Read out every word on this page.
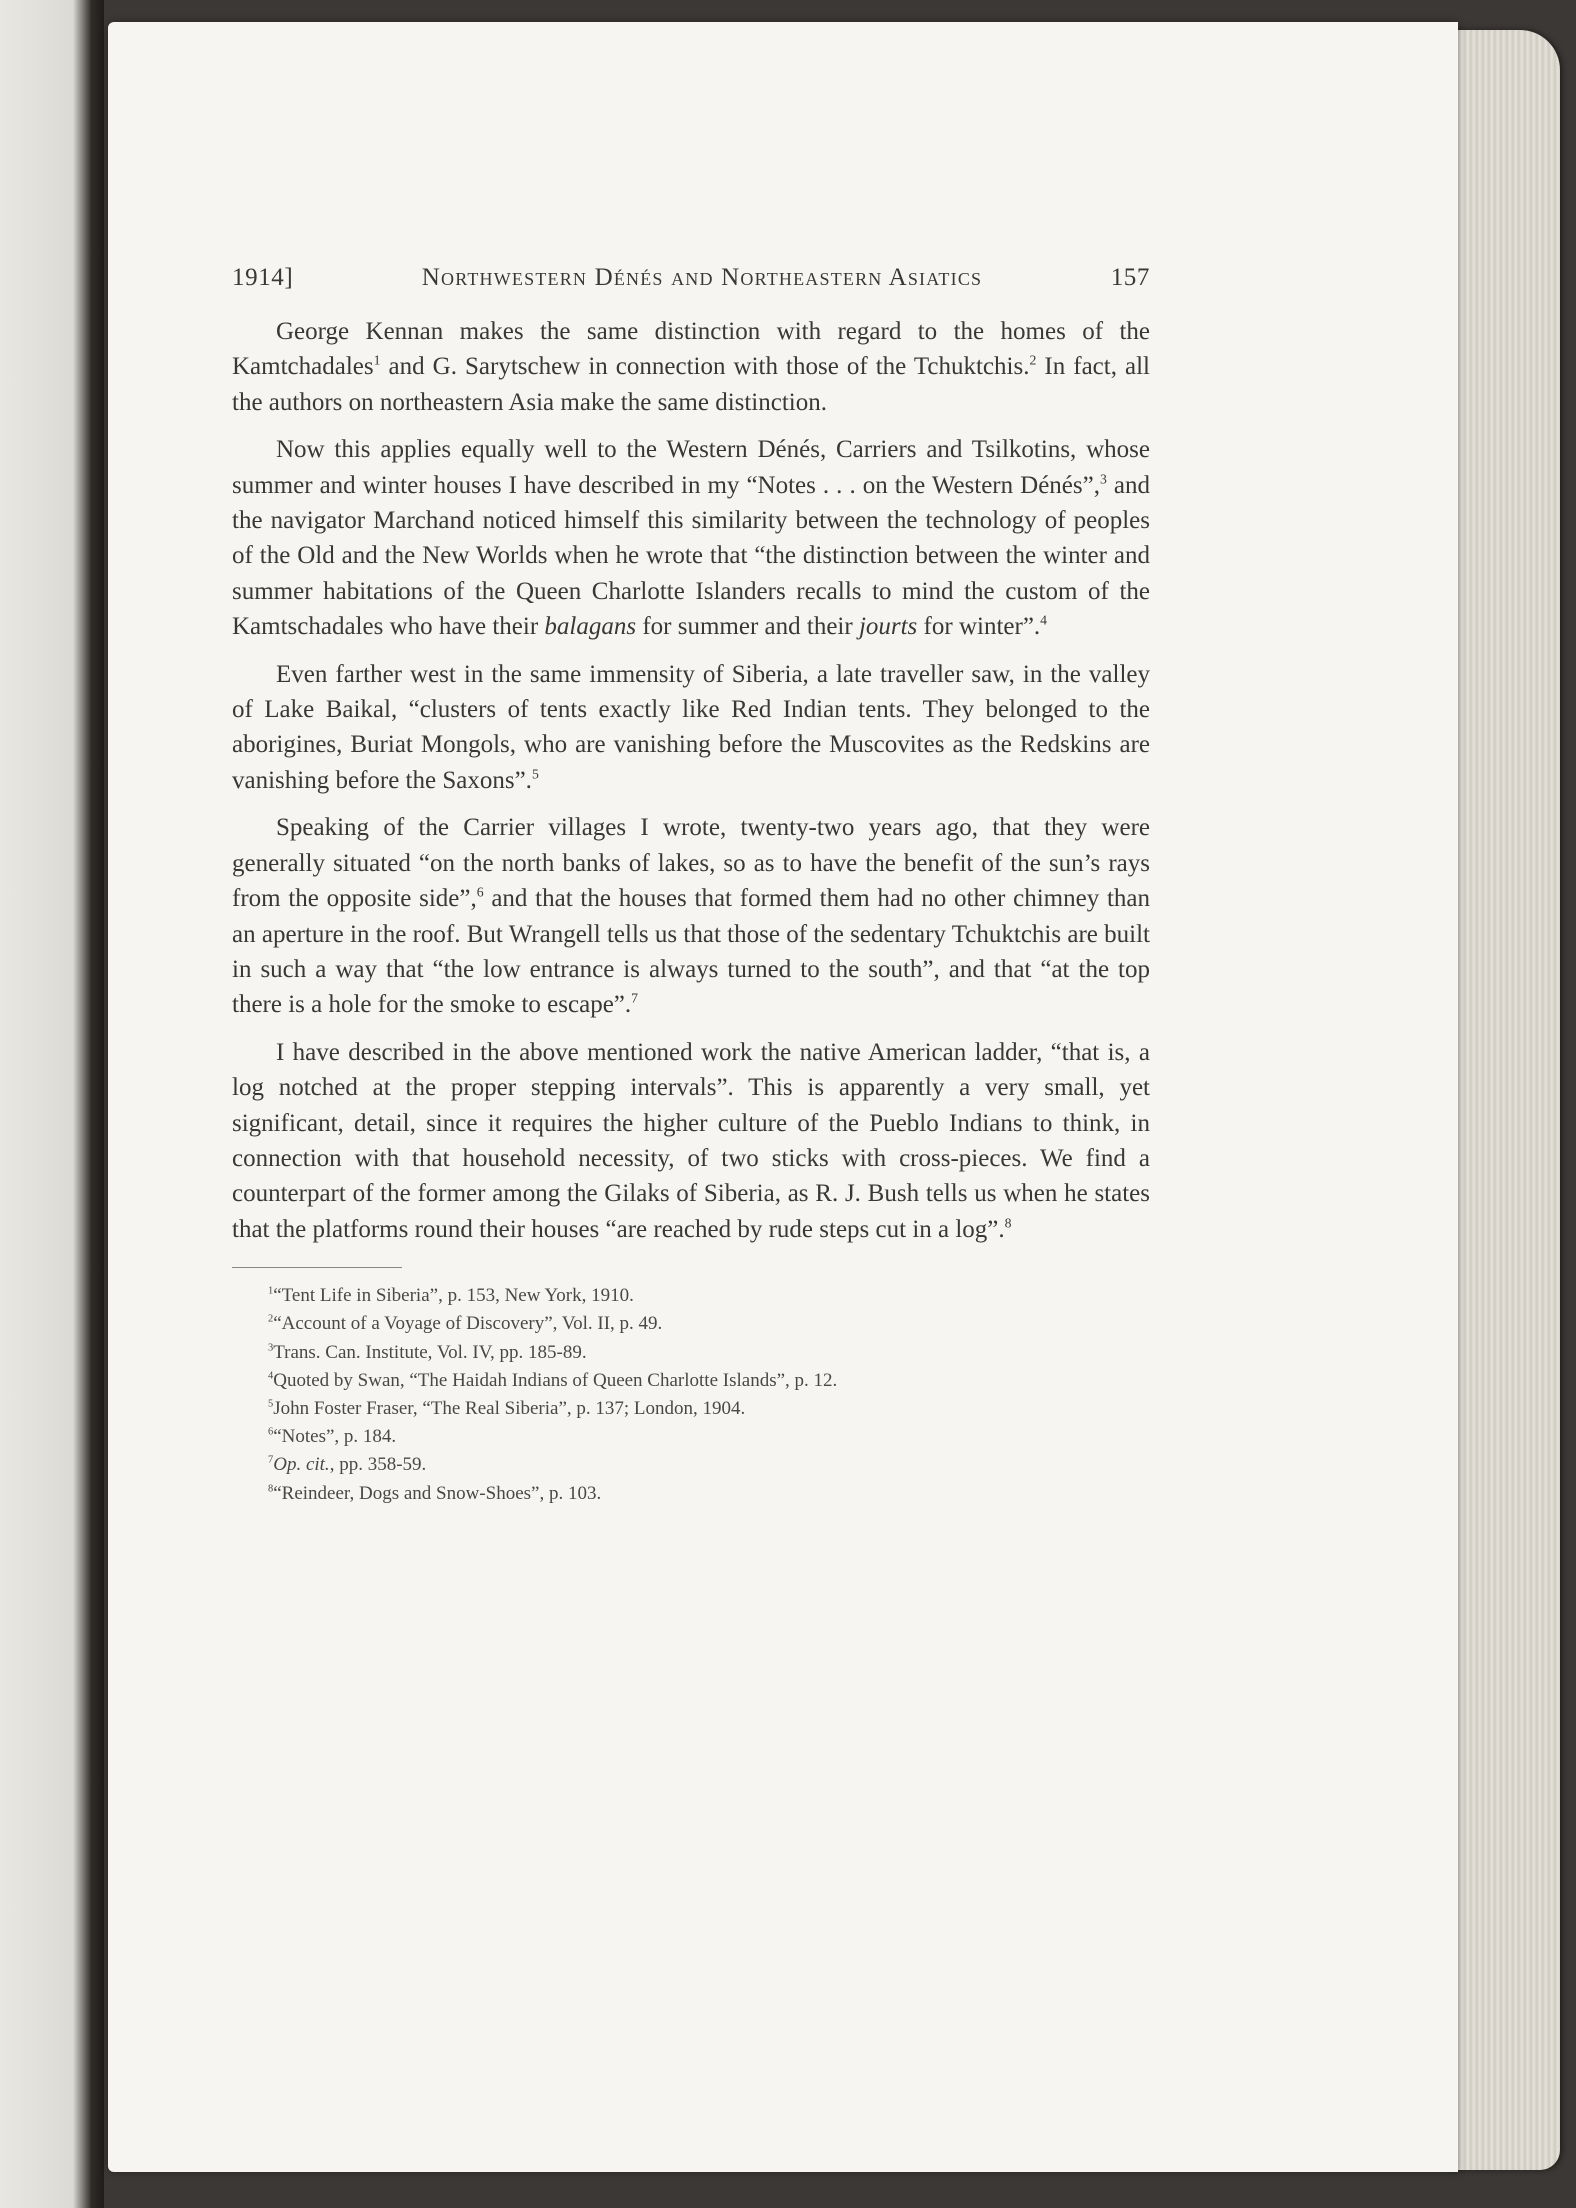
1914]	Northwestern Dénés and Northeastern Asiatics	157

George Kennan makes the same distinction with regard to the homes of the Kamtchadales$^1$ and G. Sarytschew in connection with those of the Tchuktchis.$^2$ In fact, all the authors on northeastern Asia make the same distinction.

Now this applies equally well to the Western Dénés, Carriers and Tsilkotins, whose summer and winter houses I have described in my “Notes . . . on the Western Dénés”,$^3$ and the navigator Marchand noticed himself this similarity between the technology of peoples of the Old and the New Worlds when he wrote that “the distinction between the winter and summer habitations of the Queen Charlotte Islanders recalls to mind the custom of the Kamtschadales who have their balagans for summer and their jourts for winter”.$^4$

Even farther west in the same immensity of Siberia, a late traveller saw, in the valley of Lake Baikal, “clusters of tents exactly like Red Indian tents. They belonged to the aborigines, Buriat Mongols, who are vanishing before the Muscovites as the Redskins are vanishing before the Saxons”.$^5$

Speaking of the Carrier villages I wrote, twenty-two years ago, that they were generally situated “on the north banks of lakes, so as to have the benefit of the sun’s rays from the opposite side”,$^6$ and that the houses that formed them had no other chimney than an aperture in the roof. But Wrangell tells us that those of the sedentary Tchuktchis are built in such a way that “the low entrance is always turned to the south”, and that “at the top there is a hole for the smoke to escape”.$^7$

I have described in the above mentioned work the native American ladder, “that is, a log notched at the proper stepping intervals”. This is apparently a very small, yet significant, detail, since it requires the higher culture of the Pueblo Indians to think, in connection with that household necessity, of two sticks with cross-pieces. We find a counterpart of the former among the Gilaks of Siberia, as R. J. Bush tells us when he states that the platforms round their houses “are reached by rude steps cut in a log”.$^8$

$^1$“Tent Life in Siberia”, p. 153, New York, 1910.
$^2$“Account of a Voyage of Discovery”, Vol. II, p. 49.
$^3$Trans. Can. Institute, Vol. IV, pp. 185-89.
$^4$Quoted by Swan, “The Haidah Indians of Queen Charlotte Islands”, p. 12.
$^5$John Foster Fraser, “The Real Siberia”, p. 137; London, 1904.
$^6$“Notes”, p. 184.
$^7$Op. cit., pp. 358-59.
$^8$“Reindeer, Dogs and Snow-Shoes”, p. 103.
